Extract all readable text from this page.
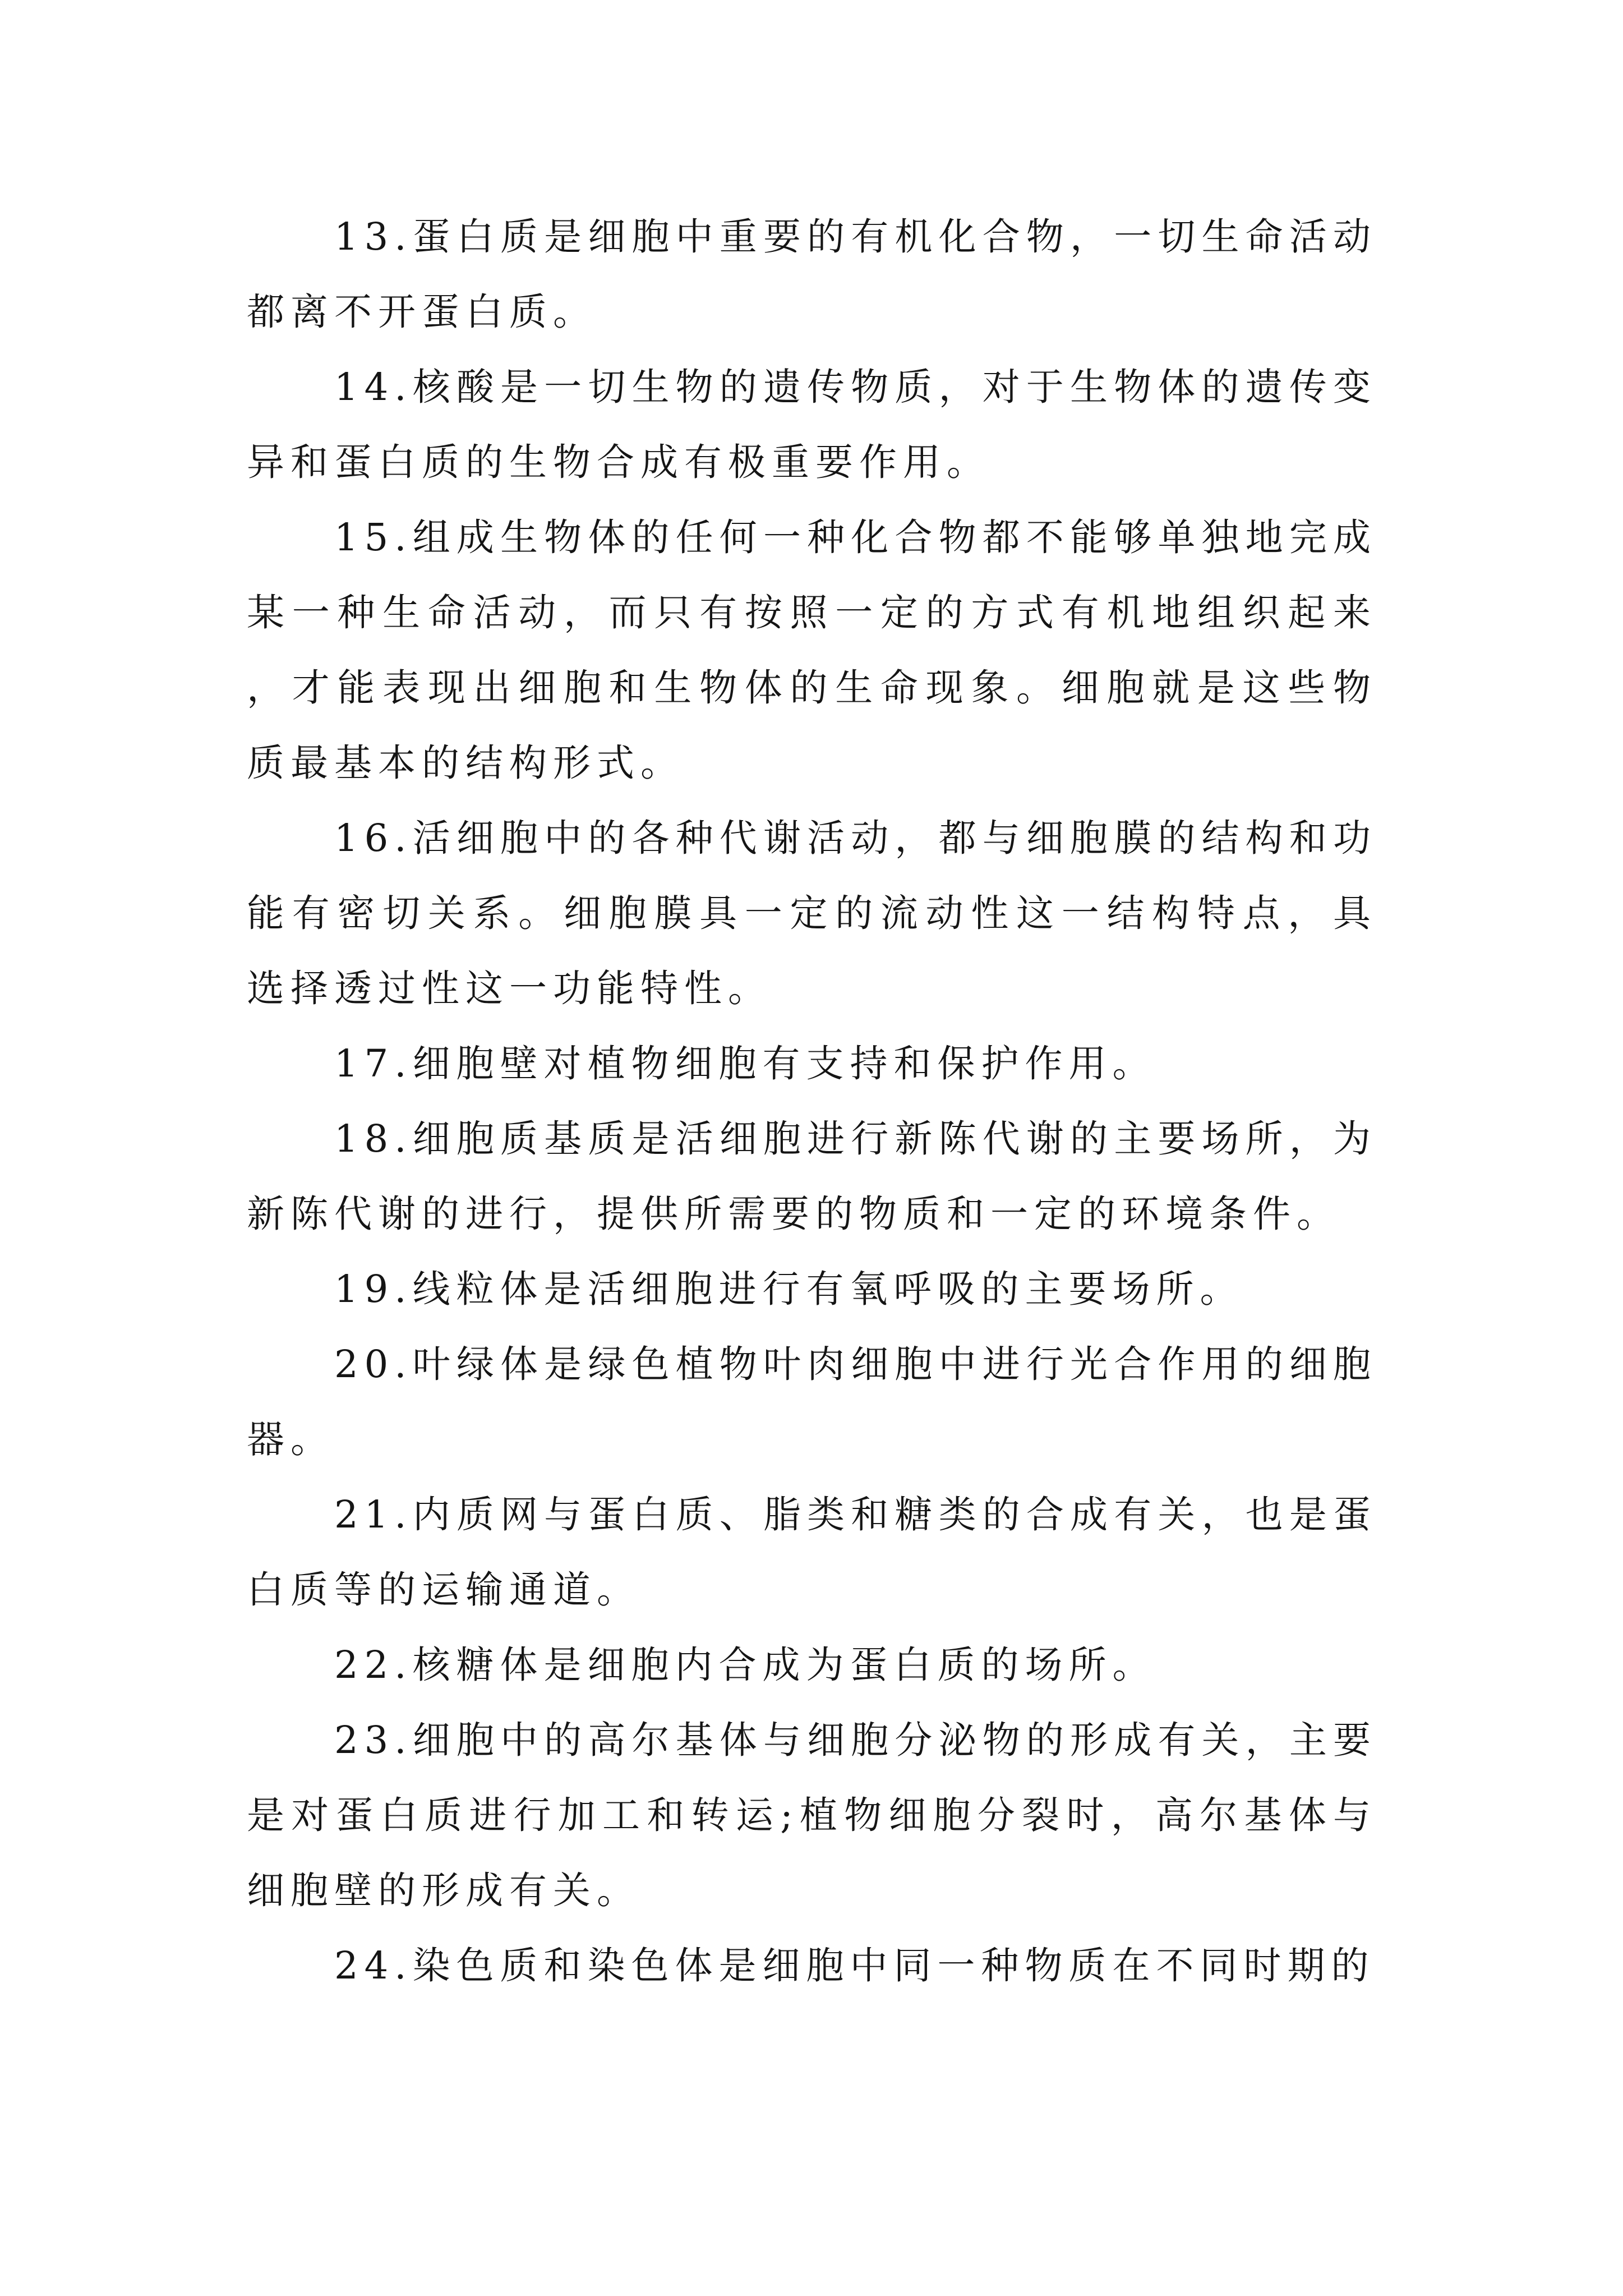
13.蛋白质是细胞中重要的有机化合物，一切生命活动都离不开蛋白质。

14.核酸是一切生物的遗传物质，对于生物体的遗传变异和蛋白质的生物合成有极重要作用。

15.组成生物体的任何一种化合物都不能够单独地完成某一种生命活动，而只有按照一定的方式有机地组织起来，才能表现出细胞和生物体的生命现象。细胞就是这些物质最基本的结构形式。

16.活细胞中的各种代谢活动，都与细胞膜的结构和功能有密切关系。细胞膜具一定的流动性这一结构特点，具选择透过性这一功能特性。

17.细胞壁对植物细胞有支持和保护作用。

18.细胞质基质是活细胞进行新陈代谢的主要场所，为新陈代谢的进行，提供所需要的物质和一定的环境条件。

19.线粒体是活细胞进行有氧呼吸的主要场所。

20.叶绿体是绿色植物叶肉细胞中进行光合作用的细胞器。

21.内质网与蛋白质、脂类和糖类的合成有关，也是蛋白质等的运输通道。

22.核糖体是细胞内合成为蛋白质的场所。

23.细胞中的高尔基体与细胞分泌物的形成有关，主要是对蛋白质进行加工和转运;植物细胞分裂时，高尔基体与细胞壁的形成有关。

24.染色质和染色体是细胞中同一种物质在不同时期的
